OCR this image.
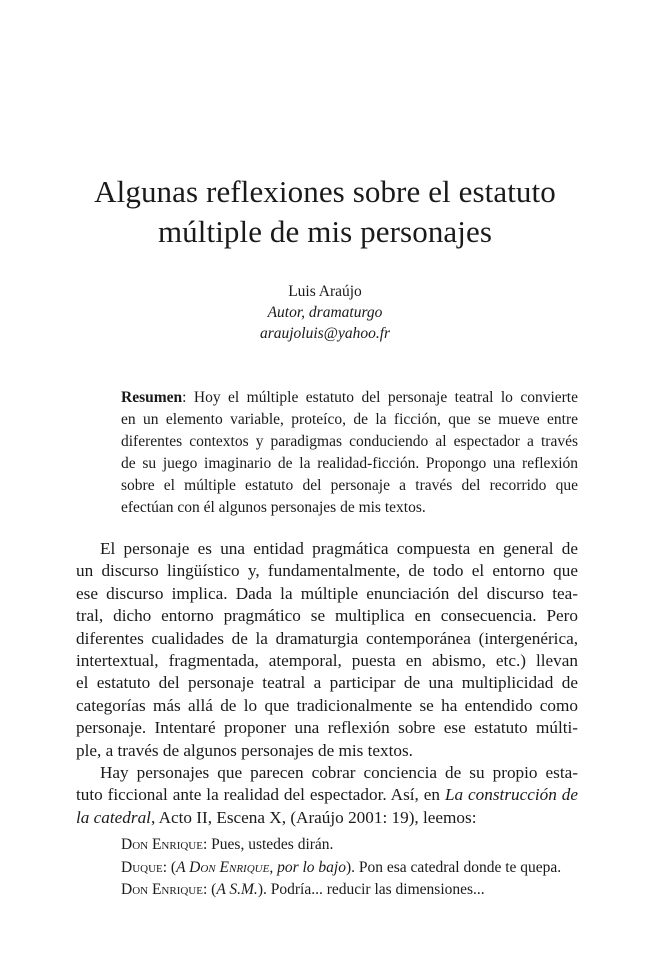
Algunas reflexiones sobre el estatuto
múltiple de mis personajes
Luis Araújo
Autor, dramaturgo
araujoluis@yahoo.fr
Resumen: Hoy el múltiple estatuto del personaje teatral lo convierte
en un elemento variable, proteíco, de la ficción, que se mueve entre
diferentes contextos y paradigmas conduciendo al espectador a través
de su juego imaginario de la realidad-ficción. Propongo una reflexión
sobre el múltiple estatuto del personaje a través del recorrido que
efectúan con él algunos personajes de mis textos.
El personaje es una entidad pragmática compuesta en general de
un discurso lingüístico y, fundamentalmente, de todo el entorno que
ese discurso implica. Dada la múltiple enunciación del discurso tea-
tral, dicho entorno pragmático se multiplica en consecuencia. Pero
diferentes cualidades de la dramaturgia contemporánea (intergenérica,
intertextual, fragmentada, atemporal, puesta en abismo, etc.) llevan
el estatuto del personaje teatral a participar de una multiplicidad de
categorías más allá de lo que tradicionalmente se ha entendido como
personaje. Intentaré proponer una reflexión sobre ese estatuto múlti-
ple, a través de algunos personajes de mis textos.
Hay personajes que parecen cobrar conciencia de su propio esta-
tuto ficcional ante la realidad del espectador. Así, en La construcción de
la catedral, Acto II, Escena X, (Araújo 2001: 19), leemos:
Don Enrique: Pues, ustedes dirán.
Duque: (A Don Enrique, por lo bajo). Pon esa catedral donde te quepa.
Don Enrique: (A S.M.). Podría... reducir las dimensiones...
